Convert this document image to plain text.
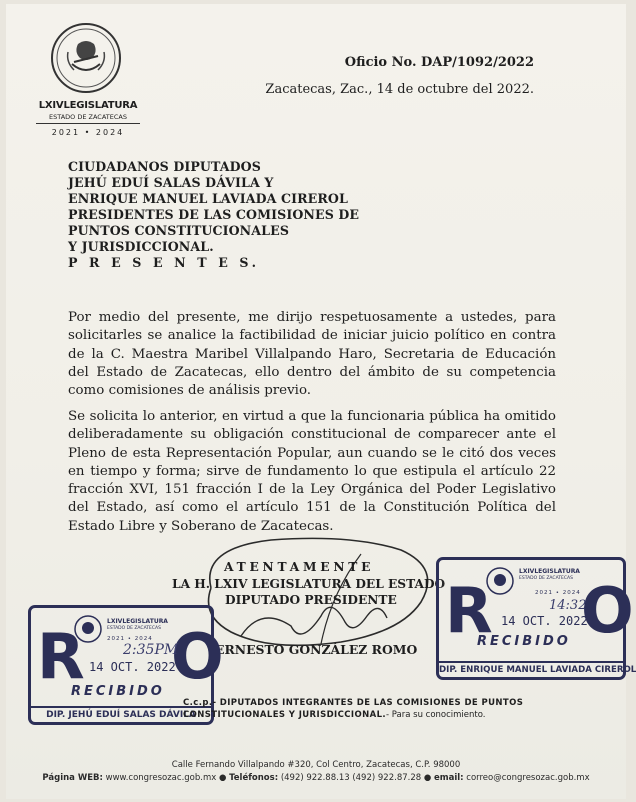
LXIVLEGISLATURA
ESTADO DE ZACATECAS
2021 • 2024
Oficio No. DAP/1092/2022
Zacatecas, Zac., 14 de octubre del 2022.
CIUDADANOS DIPUTADOS
JEHÚ EDUÍ SALAS DÁVILA Y
ENRIQUE MANUEL LAVIADA CIREROL
PRESIDENTES DE LAS COMISIONES DE
PUNTOS CONSTITUCIONALES
Y JURISDICCIONAL.
P R E S E N T E S.
Por medio del presente, me dirijo respetuosamente a ustedes, para solicitarles se analice la factibilidad de iniciar juicio político en contra de la C. Maestra Maribel Villalpando Haro, Secretaria de Educación del Estado de Zacatecas, ello dentro del ámbito de su competencia como comisiones de análisis previo.
Se solicita lo anterior, en virtud a que la funcionaria pública ha omitido deliberadamente su obligación constitucional de comparecer ante el Pleno de esta Representación Popular, aun cuando se le citó dos veces en tiempo y forma; sirve de fundamento lo que estipula el artículo 22 fracción XVI, 151 fracción I de la Ley Orgánica del Poder Legislativo del Estado, así como el artículo 151 de la Constitución Política del Estado Libre y Soberano de Zacatecas.
ATENTAMENTE
LA H. LXIV LEGISLATURA DEL ESTADO
DIPUTADO PRESIDENTE
ERNESTO GONZÁLEZ ROMO
LXIVLEGISLATURA
ESTADO DE ZACATECAS
2021 • 2024
R O
2:35PM
14 OCT. 2022
RECIBIDO
DIP. JEHÚ EDUÍ SALAS DÁVILA
LXIVLEGISLATURA
ESTADO DE ZACATECAS
2021 • 2024
R O
14:32
14 OCT. 2022
RECIBIDO
DIP. ENRIQUE MANUEL LAVIADA CIREROL
C.c.p.- DIPUTADOS INTEGRANTES DE LAS COMISIONES DE PUNTOS CONSTITUCIONALES Y JURISDICCIONAL.- Para su conocimiento.
Calle Fernando Villalpando #320, Col Centro, Zacatecas, C.P. 98000
Página WEB: www.congresozac.gob.mx ● Teléfonos: (492) 922.88.13 (492) 922.87.28 ● email: correo@congresozac.gob.mx
